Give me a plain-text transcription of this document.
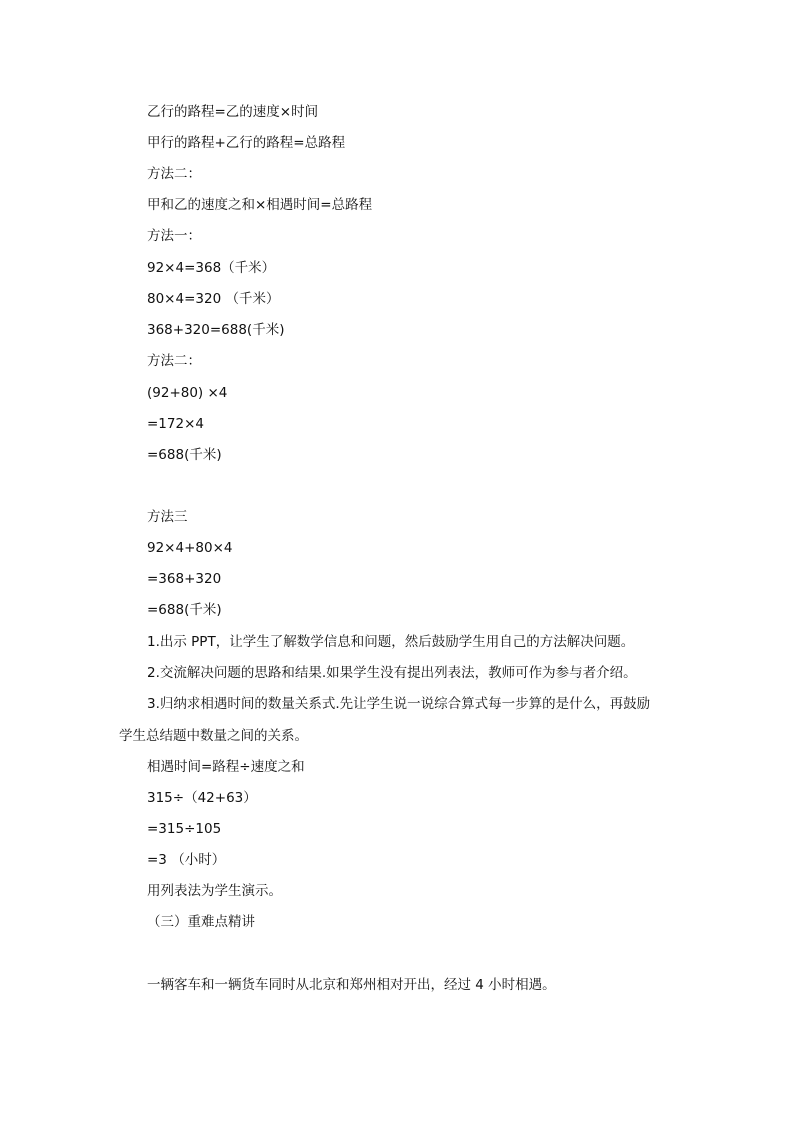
乙行的路程=乙的速度×时间
甲行的路程+乙行的路程=总路程
方法二：
甲和乙的速度之和×相遇时间=总路程
方法一：
92×4=368（千米）
80×4=320 （千米）
368+320=688(千米)
方法二：
(92+80) ×4
=172×4
=688(千米)
方法三
92×4+80×4
=368+320
=688(千米)
1.出示 PPT，让学生了解数学信息和问题，然后鼓励学生用自己的方法解决问题。
2.交流解决问题的思路和结果.如果学生没有提出列表法，教师可作为参与者介绍。
3.归纳求相遇时间的数量关系式.先让学生说一说综合算式每一步算的是什么，再鼓励
学生总结题中数量之间的关系。
相遇时间=路程÷速度之和
315÷（42+63）
=315÷105
=3 （小时）
用列表法为学生演示。
（三）重难点精讲
一辆客车和一辆货车同时从北京和郑州相对开出，经过 4 小时相遇。
